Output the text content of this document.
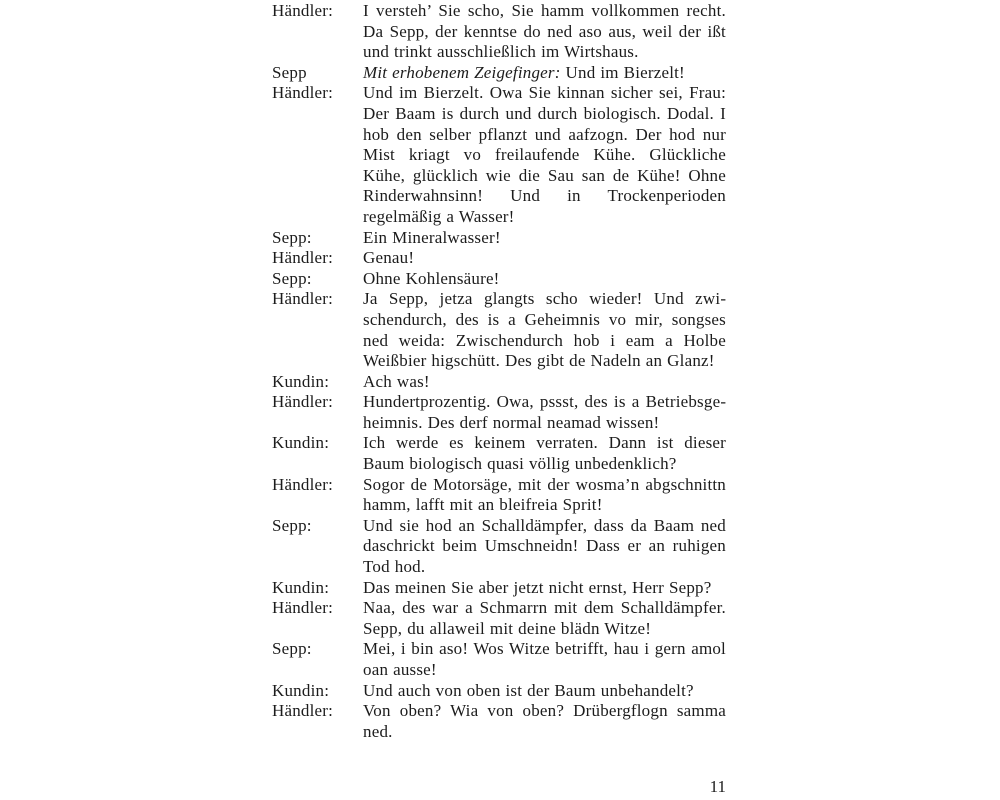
Händler:	I versteh’ Sie scho, Sie hamm vollkommen recht. Da Sepp, der kenntse do ned aso aus, weil der ißt und trinkt ausschließlich im Wirtshaus.
Sepp	Mit erhobenem Zeigefinger: Und im Bierzelt!
Händler:	Und im Bierzelt. Owa Sie kinnan sicher sei, Frau: Der Baam is durch und durch biologisch. Dodal. I hob den selber pflanzt und aafzogn. Der hod nur Mist kriagt vo freilaufende Kühe. Glückliche Kühe, glücklich wie die Sau san de Kühe! Ohne Rinderwahnsinn! Und in Trockenperioden regelmäßig a Wasser!
Sepp:	Ein Mineralwasser!
Händler:	Genau!
Sepp:	Ohne Kohlensäure!
Händler:	Ja Sepp, jetza glangts scho wieder! Und zwischendurch, des is a Geheimnis vo mir, songses ned weida: Zwischendurch hob i eam a Holbe Weißbier higschütt. Des gibt de Nadeln an Glanz!
Kundin:	Ach was!
Händler:	Hundertprozentig. Owa, pssst, des is a Betriebsgeheimnis. Des derf normal neamad wissen!
Kundin:	Ich werde es keinem verraten. Dann ist dieser Baum biologisch quasi völlig unbedenklich?
Händler:	Sogor de Motorsäge, mit der wosma’n abgschnittn hamm, lafft mit an bleifreia Sprit!
Sepp:	Und sie hod an Schalldämpfer, dass da Baam ned daschrickt beim Umschneidn! Dass er an ruhigen Tod hod.
Kundin:	Das meinen Sie aber jetzt nicht ernst, Herr Sepp?
Händler:	Naa, des war a Schmarrn mit dem Schalldämpfer. Sepp, du allaweil mit deine blädn Witze!
Sepp:	Mei, i bin aso! Wos Witze betrifft, hau i gern amol oan ausse!
Kundin:	Und auch von oben ist der Baum unbehandelt?
Händler:	Von oben? Wia von oben? Drübergflogn samma ned.
11
